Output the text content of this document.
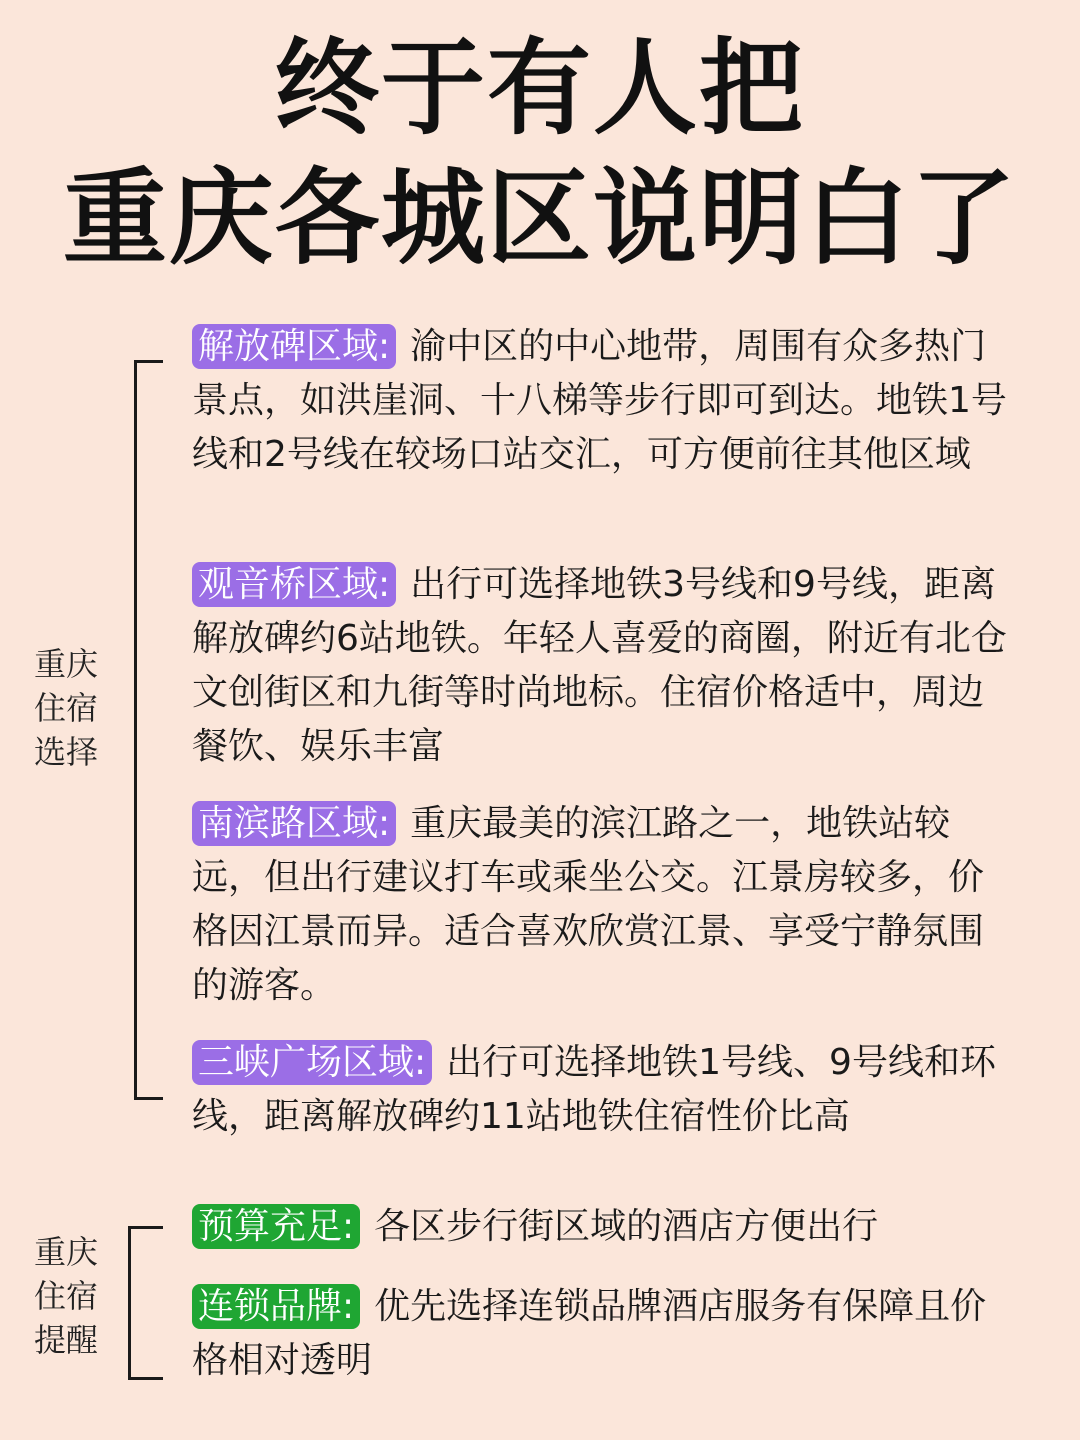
终于有人把
重庆各城区说明白了
重庆住宿选择
解放碑区域: 渝中区的中心地带，周围有众多热门景点，如洪崖洞、十八梯等步行即可到达。地铁1号线和2号线在较场口站交汇，可方便前往其他区域
观音桥区域: 出行可选择地铁3号线和9号线，距离解放碑约6站地铁。年轻人喜爱的商圈，附近有北仓文创街区和九街等时尚地标。住宿价格适中，周边餐饮、娱乐丰富
南滨路区域: 重庆最美的滨江路之一，地铁站较远，但出行建议打车或乘坐公交。江景房较多，价格因江景而异。适合喜欢欣赏江景、享受宁静氛围的游客。
三峡广场区域: 出行可选择地铁1号线、9号线和环线，距离解放碑约11站地铁住宿性价比高
重庆住宿提醒
预算充足: 各区步行街区域的酒店方便出行
连锁品牌: 优先选择连锁品牌酒店服务有保障且价格相对透明
